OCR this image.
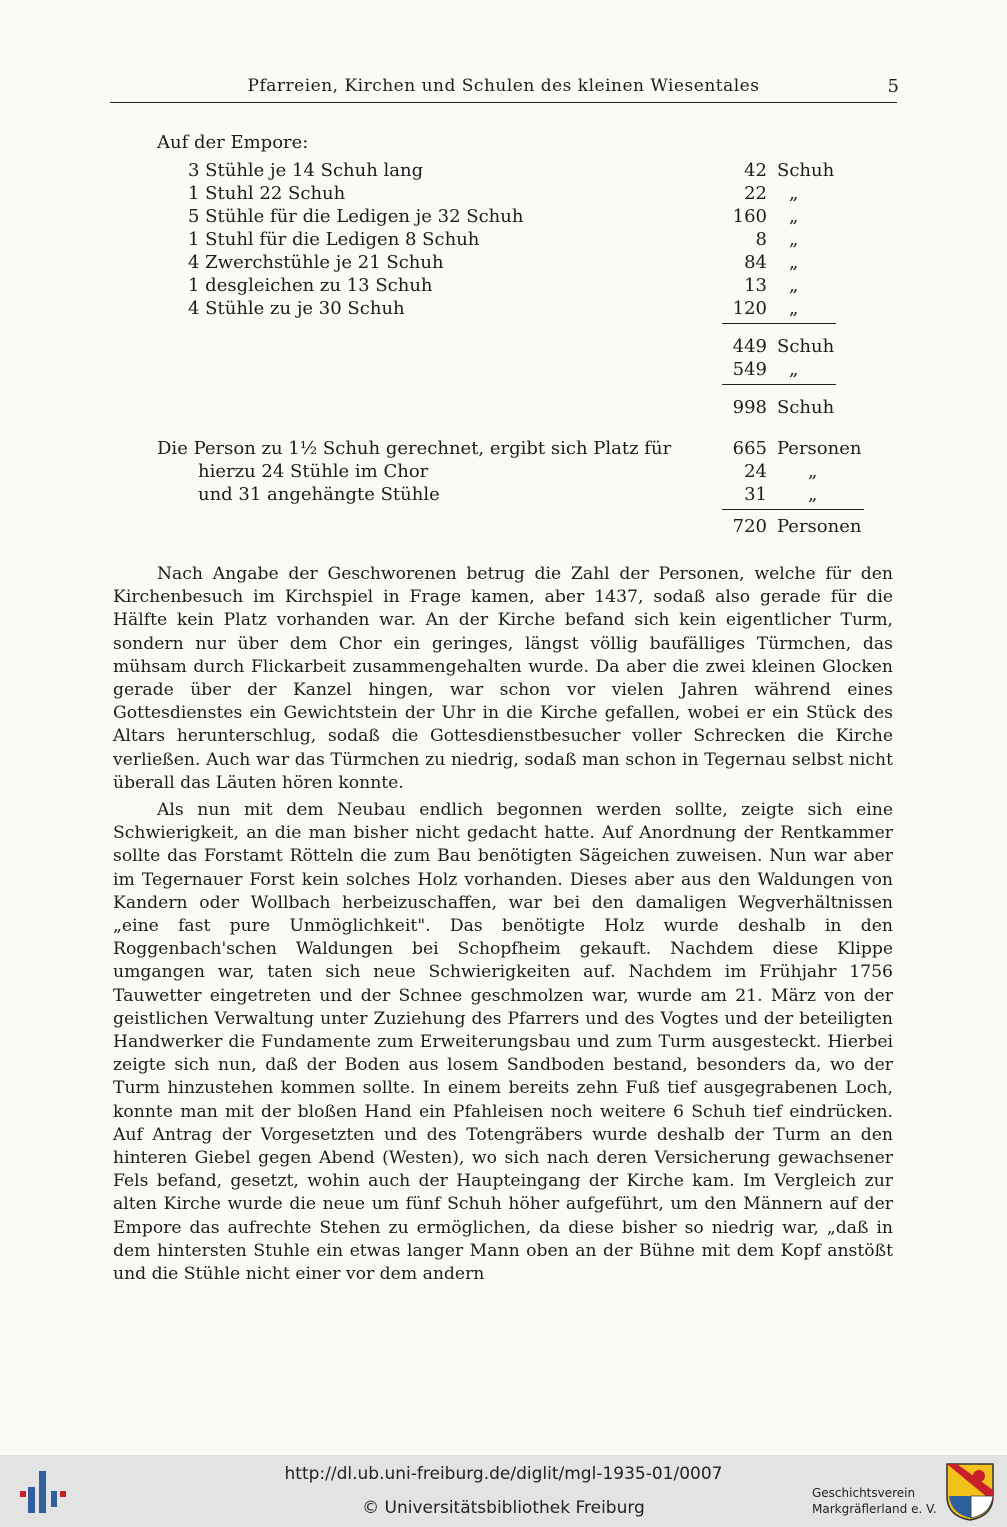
Pfarreien, Kirchen und Schulen des kleinen Wiesentales	5
Auf der Empore:
3 Stühle je 14 Schuh lang	42 Schuh
1 Stuhl 22 Schuh	22 „
5 Stühle für die Ledigen je 32 Schuh	160 „
1 Stuhl für die Ledigen 8 Schuh	8 „
4 Zwerchstühle je 21 Schuh	84 „
1 desgleichen zu 13 Schuh	13 „
4 Stühle zu je 30 Schuh	120 „
449 Schuh
549 „
998 Schuh
Die Person zu 1½ Schuh gerechnet, ergibt sich Platz für	665 Personen
hierzu 24 Stühle im Chor	24 „
und 31 angehängte Stühle	31 „
720 Personen

Nach Angabe der Geschworenen betrug die Zahl der Personen, welche für den Kirchenbesuch im Kirchspiel in Frage kamen, aber 1437, sodaß also gerade für die Hälfte kein Platz vorhanden war. An der Kirche befand sich kein eigentlicher Turm, sondern nur über dem Chor ein geringes, längst völlig baufälliges Türmchen, das mühsam durch Flickarbeit zusammengehalten wurde. Da aber die zwei kleinen Glocken gerade über der Kanzel hingen, war schon vor vielen Jahren während eines Gottesdienstes ein Gewichtstein der Uhr in die Kirche gefallen, wobei er ein Stück des Altars herunterschlug, sodaß die Gottesdienstbesucher voller Schrecken die Kirche verließen. Auch war das Türmchen zu niedrig, sodaß man schon in Tegernau selbst nicht überall das Läuten hören konnte.

Als nun mit dem Neubau endlich begonnen werden sollte, zeigte sich eine Schwierigkeit, an die man bisher nicht gedacht hatte. Auf Anordnung der Rentkammer sollte das Forstamt Rötteln die zum Bau benötigten Sägeichen zuweisen. Nun war aber im Tegernauer Forst kein solches Holz vorhanden. Dieses aber aus den Waldungen von Kandern oder Wollbach herbeizuschaffen, war bei den damaligen Wegverhältnissen „eine fast pure Unmöglichkeit". Das benötigte Holz wurde deshalb in den Roggenbach'schen Waldungen bei Schopfheim gekauft. Nachdem diese Klippe umgangen war, taten sich neue Schwierigkeiten auf. Nachdem im Frühjahr 1756 Tauwetter eingetreten und der Schnee geschmolzen war, wurde am 21. März von der geistlichen Verwaltung unter Zuziehung des Pfarrers und des Vogtes und der beteiligten Handwerker die Fundamente zum Erweiterungsbau und zum Turm ausgesteckt. Hierbei zeigte sich nun, daß der Boden aus losem Sandboden bestand, besonders da, wo der Turm hinzustehen kommen sollte. In einem bereits zehn Fuß tief ausgegrabenen Loch, konnte man mit der bloßen Hand ein Pfahleisen noch weitere 6 Schuh tief eindrücken. Auf Antrag der Vorgesetzten und des Totengräbers wurde deshalb der Turm an den hinteren Giebel gegen Abend (Westen), wo sich nach deren Versicherung gewachsener Fels befand, gesetzt, wohin auch der Haupteingang der Kirche kam. Im Vergleich zur alten Kirche wurde die neue um fünf Schuh höher aufgeführt, um den Männern auf der Empore das aufrechte Stehen zu ermöglichen, da diese bisher so niedrig war, „daß in dem hintersten Stuhle ein etwas langer Mann oben an der Bühne mit dem Kopf anstößt und die Stühle nicht einer vor dem andern

http://dl.ub.uni-freiburg.de/diglit/mgl-1935-01/0007
© Universitätsbibliothek Freiburg
Geschichtsverein
Markgräflerland e. V.
